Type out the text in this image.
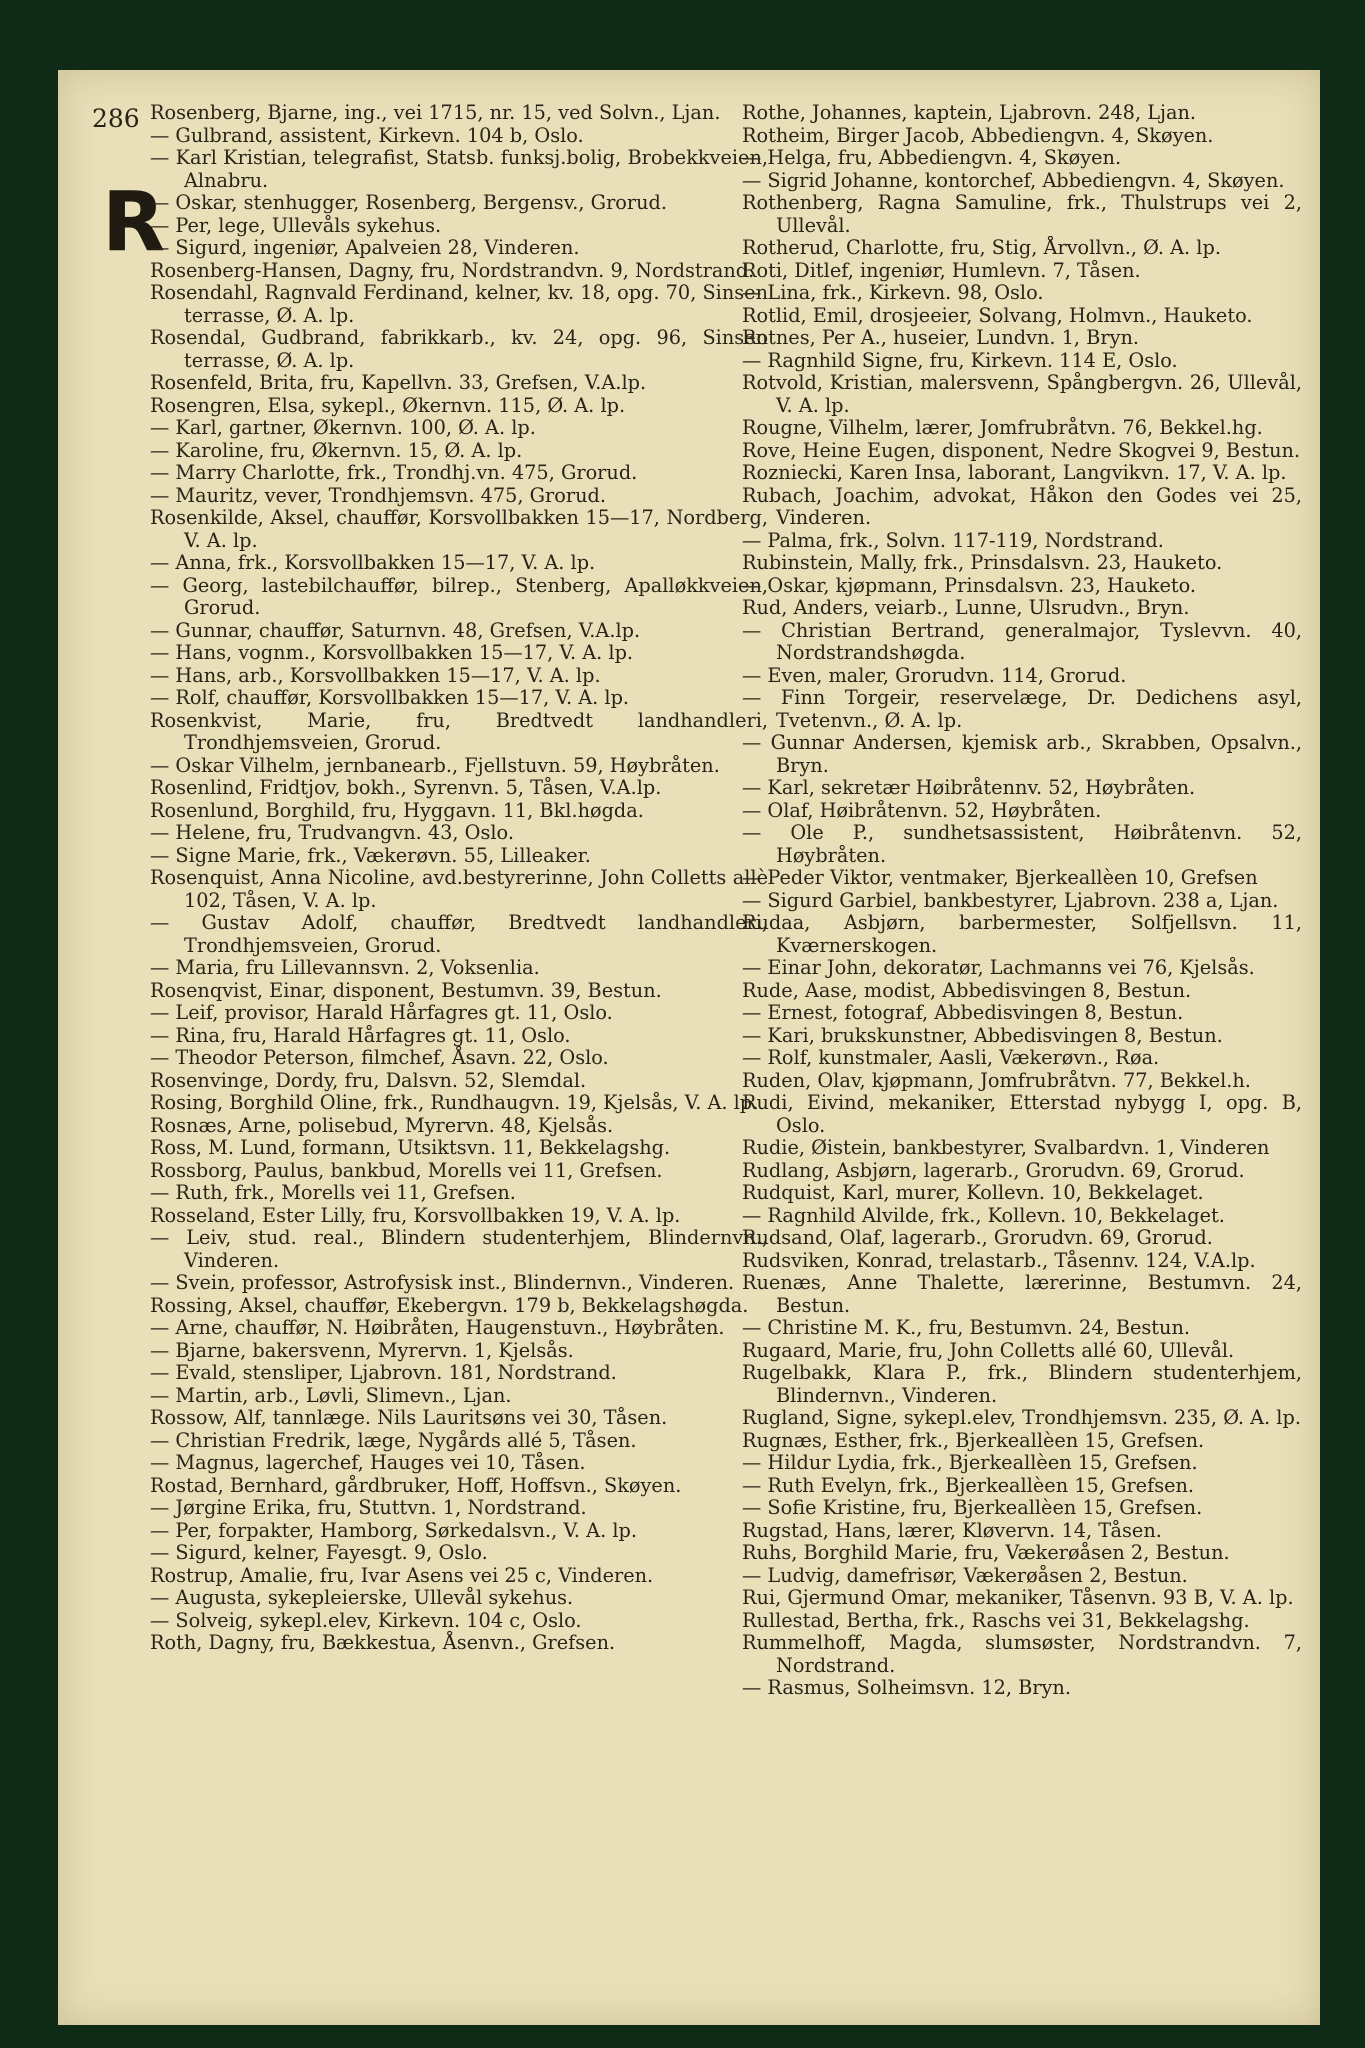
286
R

Rosenberg, Bjarne, ing., vei 1715, nr. 15, ved Solvn., Ljan.

— Gulbrand, assistent, Kirkevn. 104 b, Oslo.

— Karl Kristian, telegrafist, Statsb. funksj.bolig, Brobekkveien, Alnabru.

— Oskar, stenhugger, Rosenberg, Bergensv., Grorud.

— Per, lege, Ullevåls sykehus.

— Sigurd, ingeniør, Apalveien 28, Vinderen.

Rosenberg-Hansen, Dagny, fru, Nordstrandvn. 9, Nordstrand.

Rosendahl, Ragnvald Ferdinand, kelner, kv. 18, opg. 70, Sinsen terrasse, Ø. A. lp.

Rosendal, Gudbrand, fabrikkarb., kv. 24, opg. 96, Sinsen terrasse, Ø. A. lp.

Rosenfeld, Brita, fru, Kapellvn. 33, Grefsen, V.A.lp.

Rosengren, Elsa, sykepl., Økernvn. 115, Ø. A. lp.

— Karl, gartner, Økernvn. 100, Ø. A. lp.

— Karoline, fru, Økernvn. 15, Ø. A. lp.

— Marry Charlotte, frk., Trondhj.vn. 475, Grorud.

— Mauritz, vever, Trondhjemsvn. 475, Grorud.

Rosenkilde, Aksel, chauffør, Korsvollbakken 15—17, Nordberg, V. A. lp.

— Anna, frk., Korsvollbakken 15—17, V. A. lp.

— Georg, lastebilchauffør, bilrep., Stenberg, Apalløkkveien, Grorud.

— Gunnar, chauffør, Saturnvn. 48, Grefsen, V.A.lp.

— Hans, vognm., Korsvollbakken 15—17, V. A. lp.

— Hans, arb., Korsvollbakken 15—17, V. A. lp.

— Rolf, chauffør, Korsvollbakken 15—17, V. A. lp.

Rosenkvist, Marie, fru, Bredtvedt landhandleri, Trondhjemsveien, Grorud.

— Oskar Vilhelm, jernbanearb., Fjellstuvn. 59, Høybråten.

Rosenlind, Fridtjov, bokh., Syrenvn. 5, Tåsen, V.A.lp.

Rosenlund, Borghild, fru, Hyggavn. 11, Bkl.høgda.

— Helene, fru, Trudvangvn. 43, Oslo.

— Signe Marie, frk., Vækerøvn. 55, Lilleaker.

Rosenquist, Anna Nicoline, avd.bestyrerinne, John Colletts allè 102, Tåsen, V. A. lp.

— Gustav Adolf, chauffør, Bredtvedt landhandleri, Trondhjemsveien, Grorud.

— Maria, fru Lillevannsvn. 2, Voksenlia.

Rosenqvist, Einar, disponent, Bestumvn. 39, Bestun.

— Leif, provisor, Harald Hårfagres gt. 11, Oslo.

— Rina, fru, Harald Hårfagres gt. 11, Oslo.

— Theodor Peterson, filmchef, Åsavn. 22, Oslo.

Rosenvinge, Dordy, fru, Dalsvn. 52, Slemdal.

Rosing, Borghild Oline, frk., Rundhaugvn. 19, Kjelsås, V. A. lp.

Rosnæs, Arne, polisebud, Myrervn. 48, Kjelsås.

Ross, M. Lund, formann, Utsiktsvn. 11, Bekkelagshg.

Rossborg, Paulus, bankbud, Morells vei 11, Grefsen.

— Ruth, frk., Morells vei 11, Grefsen.

Rosseland, Ester Lilly, fru, Korsvollbakken 19, V. A. lp.

— Leiv, stud. real., Blindern studenterhjem, Blindernvn., Vinderen.

— Svein, professor, Astrofysisk inst., Blindernvn., Vinderen.

Rossing, Aksel, chauffør, Ekebergvn. 179 b, Bekkelagshøgda.

— Arne, chauffør, N. Høibråten, Haugenstuvn., Høybråten.

— Bjarne, bakersvenn, Myrervn. 1, Kjelsås.

— Evald, stensliper, Ljabrovn. 181, Nordstrand.

— Martin, arb., Løvli, Slimevn., Ljan.

Rossow, Alf, tannlæge. Nils Lauritsøns vei 30, Tåsen.

— Christian Fredrik, læge, Nygårds allé 5, Tåsen.

— Magnus, lagerchef, Hauges vei 10, Tåsen.

Rostad, Bernhard, gårdbruker, Hoff, Hoffsvn., Skøyen.

— Jørgine Erika, fru, Stuttvn. 1, Nordstrand.

— Per, forpakter, Hamborg, Sørkedalsvn., V. A. lp.

— Sigurd, kelner, Fayesgt. 9, Oslo.

Rostrup, Amalie, fru, Ivar Asens vei 25 c, Vinderen.

— Augusta, sykepleierske, Ullevål sykehus.

— Solveig, sykepl.elev, Kirkevn. 104 c, Oslo.

Roth, Dagny, fru, Bækkestua, Åsenvn., Grefsen.

Rothe, Johannes, kaptein, Ljabrovn. 248, Ljan.

Rotheim, Birger Jacob, Abbediengvn. 4, Skøyen.

— Helga, fru, Abbediengvn. 4, Skøyen.

— Sigrid Johanne, kontorchef, Abbediengvn. 4, Skøyen.

Rothenberg, Ragna Samuline, frk., Thulstrups vei 2, Ullevål.

Rotherud, Charlotte, fru, Stig, Årvollvn., Ø. A. lp.

Roti, Ditlef, ingeniør, Humlevn. 7, Tåsen.

— Lina, frk., Kirkevn. 98, Oslo.

Rotlid, Emil, drosjeeier, Solvang, Holmvn., Hauketo.

Rotnes, Per A., huseier, Lundvn. 1, Bryn.

— Ragnhild Signe, fru, Kirkevn. 114 E, Oslo.

Rotvold, Kristian, malersvenn, Spångbergvn. 26, Ullevål, V. A. lp.

Rougne, Vilhelm, lærer, Jomfrubråtvn. 76, Bekkel.hg.

Rove, Heine Eugen, disponent, Nedre Skogvei 9, Bestun.

Rozniecki, Karen Insa, laborant, Langvikvn. 17, V. A. lp.

Rubach, Joachim, advokat, Håkon den Godes vei 25, Vinderen.

— Palma, frk., Solvn. 117-119, Nordstrand.

Rubinstein, Mally, frk., Prinsdalsvn. 23, Hauketo.

— Oskar, kjøpmann, Prinsdalsvn. 23, Hauketo.

Rud, Anders, veiarb., Lunne, Ulsrudvn., Bryn.

— Christian Bertrand, generalmajor, Tyslevvn. 40, Nordstrandshøgda.

— Even, maler, Grorudvn. 114, Grorud.

— Finn Torgeir, reservelæge, Dr. Dedichens asyl, Tvetenvn., Ø. A. lp.

— Gunnar Andersen, kjemisk arb., Skrabben, Opsalvn., Bryn.

— Karl, sekretær Høibråtennv. 52, Høybråten.

— Olaf, Høibråtenvn. 52, Høybråten.

— Ole P., sundhetsassistent, Høibråtenvn. 52, Høybråten.

— Peder Viktor, ventmaker, Bjerkeallèen 10, Grefsen

— Sigurd Garbiel, bankbestyrer, Ljabrovn. 238 a, Ljan.

Rudaa, Asbjørn, barbermester, Solfjellsvn. 11, Kværnerskogen.

— Einar John, dekoratør, Lachmanns vei 76, Kjelsås.

Rude, Aase, modist, Abbedisvingen 8, Bestun.

— Ernest, fotograf, Abbedisvingen 8, Bestun.

— Kari, brukskunstner, Abbedisvingen 8, Bestun.

— Rolf, kunstmaler, Aasli, Vækerøvn., Røa.

Ruden, Olav, kjøpmann, Jomfrubråtvn. 77, Bekkel.h.

Rudi, Eivind, mekaniker, Etterstad nybygg I, opg. B, Oslo.

Rudie, Øistein, bankbestyrer, Svalbardvn. 1, Vinderen

Rudlang, Asbjørn, lagerarb., Grorudvn. 69, Grorud.

Rudquist, Karl, murer, Kollevn. 10, Bekkelaget.

— Ragnhild Alvilde, frk., Kollevn. 10, Bekkelaget.

Rudsand, Olaf, lagerarb., Grorudvn. 69, Grorud.

Rudsviken, Konrad, trelastarb., Tåsennv. 124, V.A.lp.

Ruenæs, Anne Thalette, lærerinne, Bestumvn. 24, Bestun.

— Christine M. K., fru, Bestumvn. 24, Bestun.

Rugaard, Marie, fru, John Colletts allé 60, Ullevål.

Rugelbakk, Klara P., frk., Blindern studenterhjem, Blindernvn., Vinderen.

Rugland, Signe, sykepl.elev, Trondhjemsvn. 235, Ø. A. lp.

Rugnæs, Esther, frk., Bjerkeallèen 15, Grefsen.

— Hildur Lydia, frk., Bjerkeallèen 15, Grefsen.

— Ruth Evelyn, frk., Bjerkeallèen 15, Grefsen.

— Sofie Kristine, fru, Bjerkeallèen 15, Grefsen.

Rugstad, Hans, lærer, Kløvervn. 14, Tåsen.

Ruhs, Borghild Marie, fru, Vækerøåsen 2, Bestun.

— Ludvig, damefrisør, Vækerøåsen 2, Bestun.

Rui, Gjermund Omar, mekaniker, Tåsenvn. 93 B, V. A. lp.

Rullestad, Bertha, frk., Raschs vei 31, Bekkelagshg.

Rummelhoff, Magda, slumsøster, Nordstrandvn. 7, Nordstrand.

— Rasmus, Solheimsvn. 12, Bryn.
